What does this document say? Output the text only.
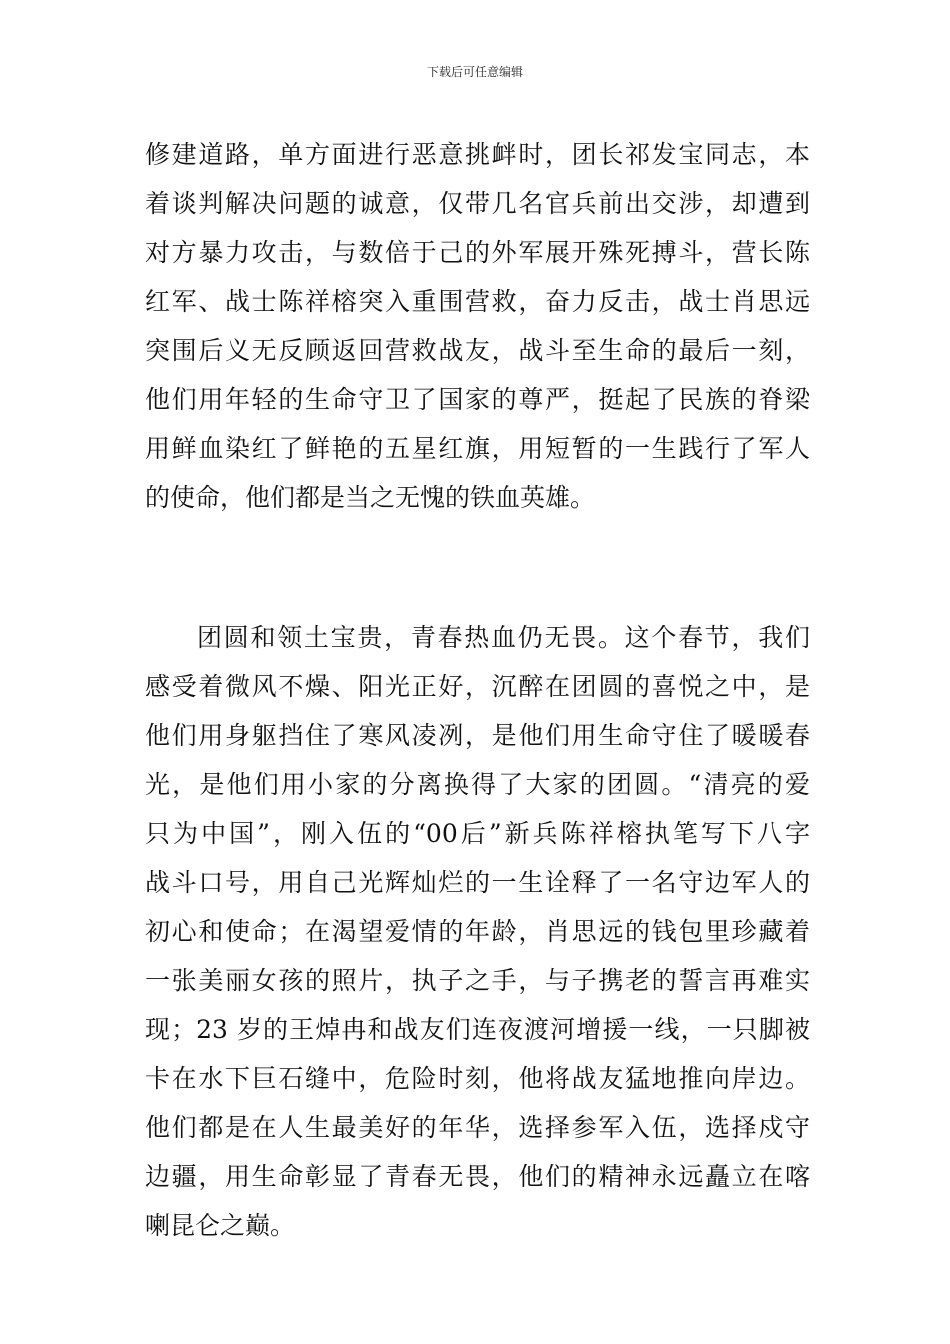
下载后可任意编辑
修建道路，单方面进行恶意挑衅时，团长祁发宝同志，本
着谈判解决问题的诚意，仅带几名官兵前出交涉，却遭到
对方暴力攻击，与数倍于己的外军展开殊死搏斗，营长陈
红军、战士陈祥榕突入重围营救，奋力反击，战士肖思远
突围后义无反顾返回营救战友，战斗至生命的最后一刻，
他们用年轻的生命守卫了国家的尊严，挺起了民族的脊梁
用鲜血染红了鲜艳的五星红旗，用短暂的一生践行了军人
的使命，他们都是当之无愧的铁血英雄。
团圆和领土宝贵，青春热血仍无畏。这个春节，我们
感受着微风不燥、阳光正好，沉醉在团圆的喜悦之中，是
他们用身躯挡住了寒风凌冽，是他们用生命守住了暖暖春
光，是他们用小家的分离换得了大家的团圆。“清亮的爱
只为中国”，刚入伍的“00后”新兵陈祥榕执笔写下八字
战斗口号，用自己光辉灿烂的一生诠释了一名守边军人的
初心和使命；在渴望爱情的年龄，肖思远的钱包里珍藏着
一张美丽女孩的照片，执子之手，与子携老的誓言再难实
现；23 岁的王焯冉和战友们连夜渡河增援一线，一只脚被
卡在水下巨石缝中，危险时刻，他将战友猛地推向岸边。
他们都是在人生最美好的年华，选择参军入伍，选择戍守
边疆，用生命彰显了青春无畏，他们的精神永远矗立在喀
喇昆仑之巅。
